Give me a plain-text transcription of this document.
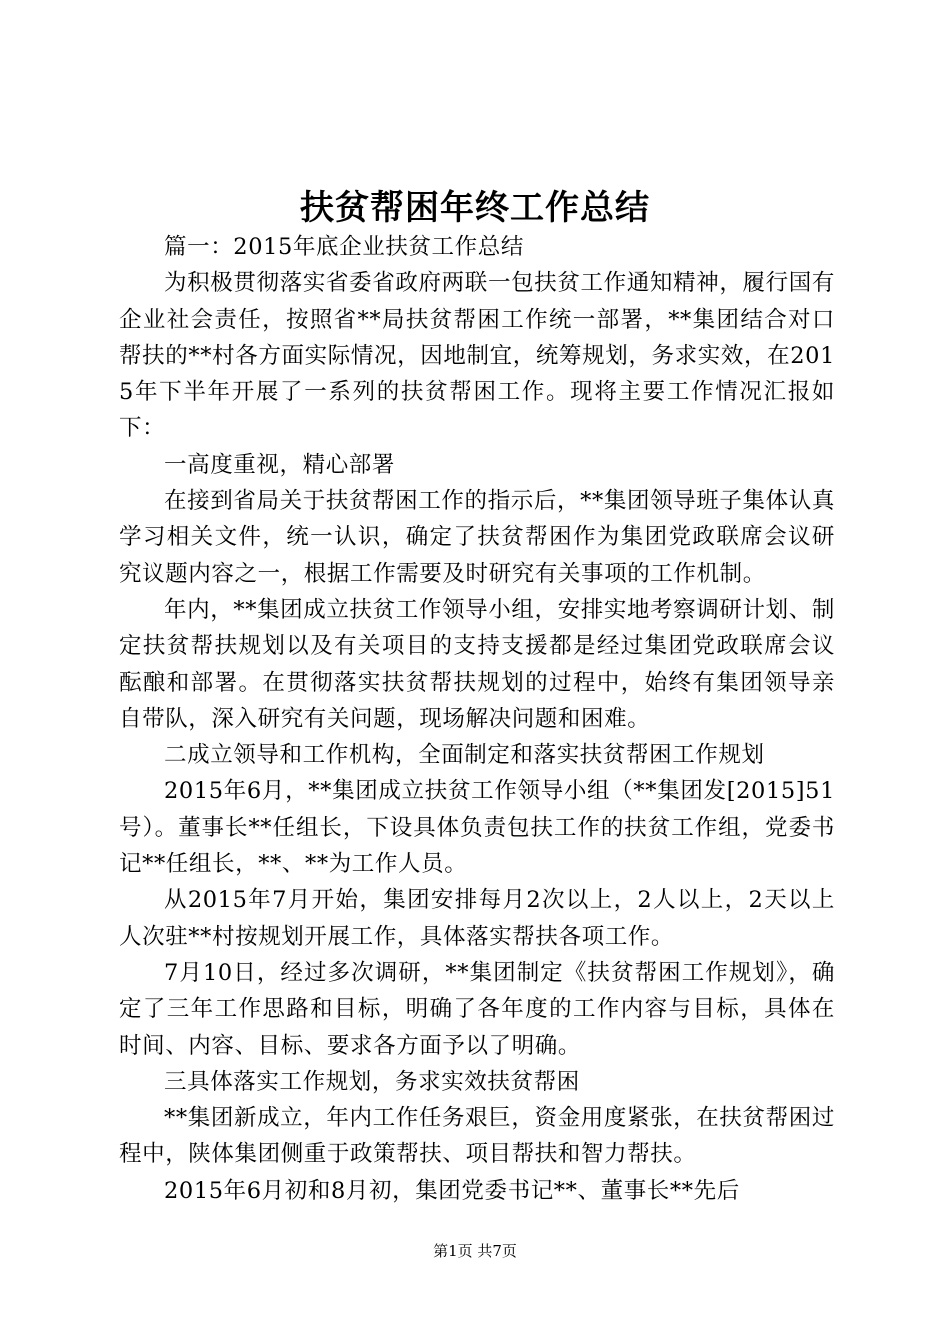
扶贫帮困年终工作总结

篇一：2015年底企业扶贫工作总结

为积极贯彻落实省委省政府两联一包扶贫工作通知精神，履行国有企业社会责任，按照省**局扶贫帮困工作统一部署，**集团结合对口帮扶的**村各方面实际情况，因地制宜，统筹规划，务求实效，在2015年下半年开展了一系列的扶贫帮困工作。现将主要工作情况汇报如下：

一高度重视，精心部署

在接到省局关于扶贫帮困工作的指示后，**集团领导班子集体认真学习相关文件，统一认识，确定了扶贫帮困作为集团党政联席会议研究议题内容之一，根据工作需要及时研究有关事项的工作机制。

年内，**集团成立扶贫工作领导小组，安排实地考察调研计划、制定扶贫帮扶规划以及有关项目的支持支援都是经过集团党政联席会议酝酿和部署。在贯彻落实扶贫帮扶规划的过程中，始终有集团领导亲自带队，深入研究有关问题，现场解决问题和困难。

二成立领导和工作机构，全面制定和落实扶贫帮困工作规划

2015年6月，**集团成立扶贫工作领导小组（**集团发[2015]51号）。董事长**任组长，下设具体负责包扶工作的扶贫工作组，党委书记**任组长，**、**为工作人员。

从2015年7月开始，集团安排每月2次以上，2人以上，2天以上人次驻**村按规划开展工作，具体落实帮扶各项工作。

7月10日，经过多次调研，**集团制定《扶贫帮困工作规划》，确定了三年工作思路和目标，明确了各年度的工作内容与目标，具体在时间、内容、目标、要求各方面予以了明确。

三具体落实工作规划，务求实效扶贫帮困

**集团新成立，年内工作任务艰巨，资金用度紧张，在扶贫帮困过程中，陕体集团侧重于政策帮扶、项目帮扶和智力帮扶。

2015年6月初和8月初，集团党委书记**、董事长**先后

第1页 共7页
